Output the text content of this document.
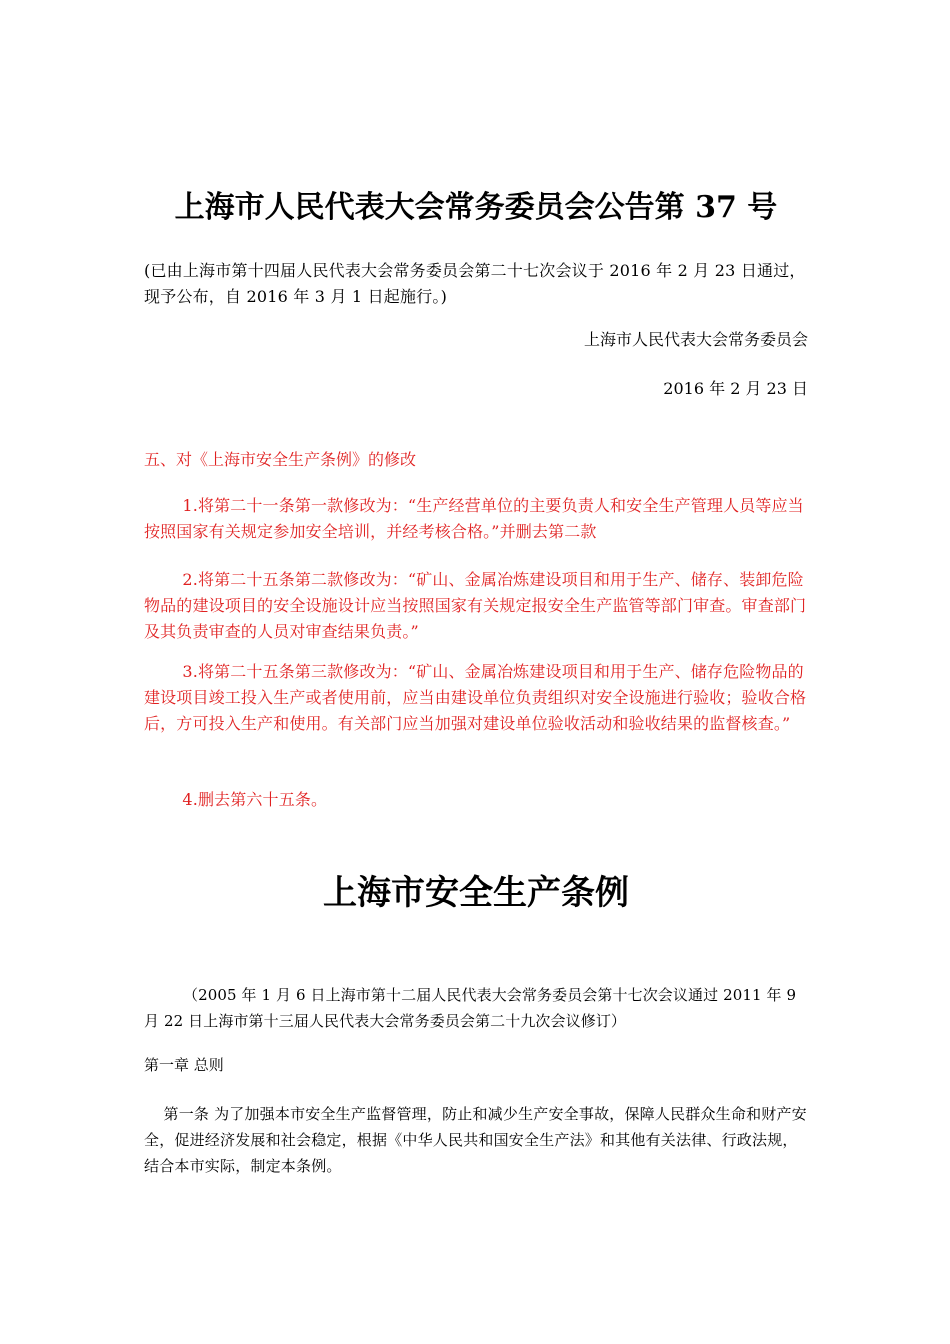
上海市人民代表大会常务委员会公告第 37 号
(已由上海市第十四届人民代表大会常务委员会第二十七次会议于 2016 年 2 月 23 日通过，现予公布，自 2016 年 3 月 1 日起施行。)
上海市人民代表大会常务委员会
2016 年 2 月 23 日
五、对《上海市安全生产条例》的修改
1.将第二十一条第一款修改为：“生产经营单位的主要负责人和安全生产管理人员等应当按照国家有关规定参加安全培训，并经考核合格。”并删去第二款
2.将第二十五条第二款修改为：“矿山、金属冶炼建设项目和用于生产、储存、装卸危险物品的建设项目的安全设施设计应当按照国家有关规定报安全生产监管等部门审查。审查部门及其负责审查的人员对审查结果负责。”
3.将第二十五条第三款修改为：“矿山、金属冶炼建设项目和用于生产、储存危险物品的建设项目竣工投入生产或者使用前，应当由建设单位负责组织对安全设施进行验收；验收合格后，方可投入生产和使用。有关部门应当加强对建设单位验收活动和验收结果的监督核查。”
4.删去第六十五条。
上海市安全生产条例
（2005 年 1 月 6 日上海市第十二届人民代表大会常务委员会第十七次会议通过 2011 年 9 月 22 日上海市第十三届人民代表大会常务委员会第二十九次会议修订）
第一章 总则
第一条 为了加强本市安全生产监督管理，防止和减少生产安全事故，保障人民群众生命和财产安全，促进经济发展和社会稳定，根据《中华人民共和国安全生产法》和其他有关法律、行政法规，结合本市实际，制定本条例。
